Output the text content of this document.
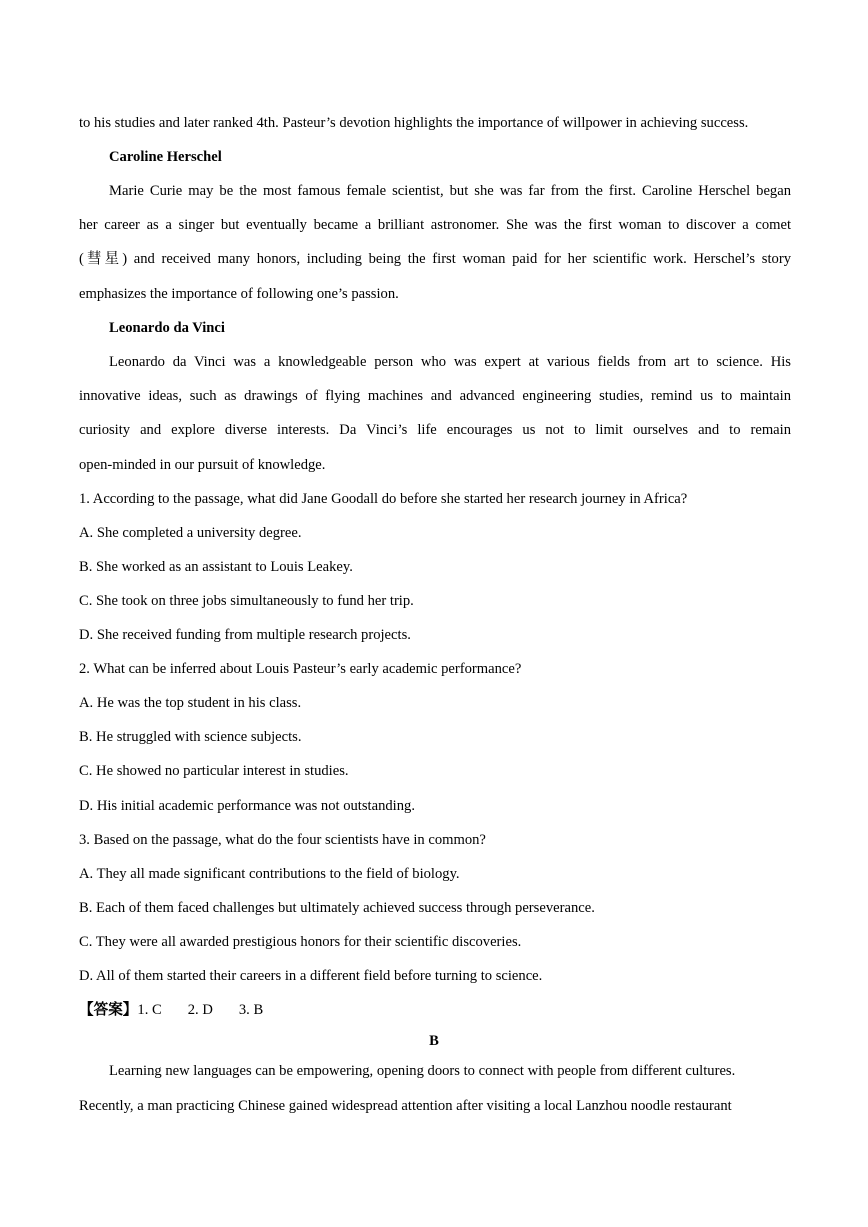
to his studies and later ranked 4th. Pasteur’s devotion highlights the importance of willpower in achieving success.
Caroline Herschel
Marie Curie may be the most famous female scientist, but she was far from the first. Caroline Herschel began
her career as a singer but eventually became a brilliant astronomer. She was the first woman to discover a comet
(彗星) and received many honors, including being the first woman paid for her scientific work. Herschel’s story
emphasizes the importance of following one’s passion.
Leonardo da Vinci
Leonardo da Vinci was a knowledgeable person who was expert at various fields from art to science. His
innovative ideas, such as drawings of flying machines and advanced engineering studies, remind us to maintain
curiosity and explore diverse interests. Da Vinci’s life encourages us not to limit ourselves and to remain
open-minded in our pursuit of knowledge.
1. According to the passage, what did Jane Goodall do before she started her research journey in Africa?
A. She completed a university degree.
B. She worked as an assistant to Louis Leakey.
C. She took on three jobs simultaneously to fund her trip.
D. She received funding from multiple research projects.
2. What can be inferred about Louis Pasteur’s early academic performance?
A. He was the top student in his class.
B. He struggled with science subjects.
C. He showed no particular interest in studies.
D. His initial academic performance was not outstanding.
3. Based on the passage, what do the four scientists have in common?
A. They all made significant contributions to the field of biology.
B. Each of them faced challenges but ultimately achieved success through perseverance.
C. They were all awarded prestigious honors for their scientific discoveries.
D. All of them started their careers in a different field before turning to science.
【答案】1. C 2. D 3. B
B
Learning new languages can be empowering, opening doors to connect with people from different cultures.
Recently, a man practicing Chinese gained widespread attention after visiting a local Lanzhou noodle restaurant
